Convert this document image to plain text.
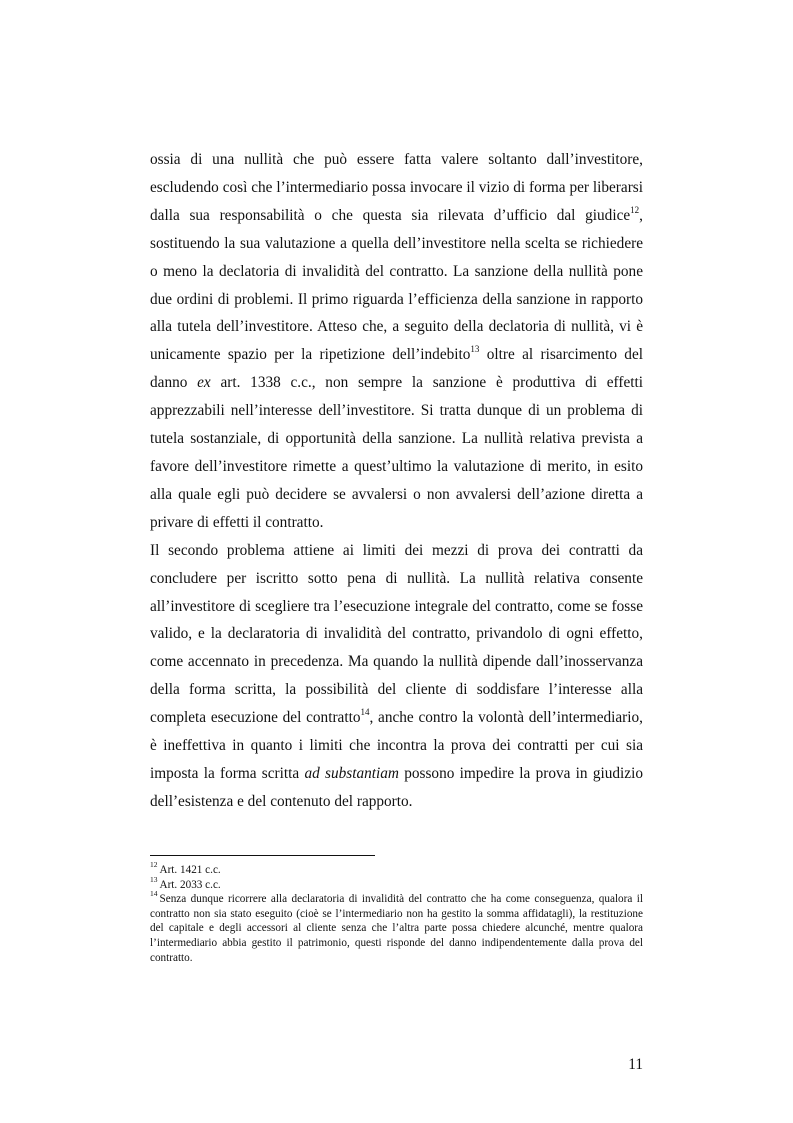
ossia di una nullità che può essere fatta valere soltanto dall’investitore, escludendo così che l’intermediario possa invocare il vizio di forma per liberarsi dalla sua responsabilità o che questa sia rilevata d’ufficio dal giudice$^{12}$, sostituendo la sua valutazione a quella dell’investitore nella scelta se richiedere o meno la declatoria di invalidità del contratto. La sanzione della nullità pone due ordini di problemi. Il primo riguarda l’efficienza della sanzione in rapporto alla tutela dell’investitore. Atteso che, a seguito della declatoria di nullità, vi è unicamente spazio per la ripetizione dell’indebito$^{13}$ oltre al risarcimento del danno ex art. 1338 c.c., non sempre la sanzione è produttiva di effetti apprezzabili nell’interesse dell’investitore. Si tratta dunque di un problema di tutela sostanziale, di opportunità della sanzione. La nullità relativa prevista a favore dell’investitore rimette a quest’ultimo la valutazione di merito, in esito alla quale egli può decidere se avvalersi o non avvalersi dell’azione diretta a privare di effetti il contratto.

Il secondo problema attiene ai limiti dei mezzi di prova dei contratti da concludere per iscritto sotto pena di nullità. La nullità relativa consente all’investitore di scegliere tra l’esecuzione integrale del contratto, come se fosse valido, e la declaratoria di invalidità del contratto, privandolo di ogni effetto, come accennato in precedenza. Ma quando la nullità dipende dall’inosservanza della forma scritta, la possibilità del cliente di soddisfare l’interesse alla completa esecuzione del contratto$^{14}$, anche contro la volontà dell’intermediario, è ineffettiva in quanto i limiti che incontra la prova dei contratti per cui sia imposta la forma scritta ad substantiam possono impedire la prova in giudizio dell’esistenza e del contenuto del rapporto.

$^{12}$ Art. 1421 c.c.

$^{13}$ Art. 2033 c.c.

$^{14}$ Senza dunque ricorrere alla declaratoria di invalidità del contratto che ha come conseguenza, qualora il contratto non sia stato eseguito (cioè se l’intermediario non ha gestito la somma affidatagli), la restituzione del capitale e degli accessori al cliente senza che l’altra parte possa chiedere alcunché, mentre qualora l’intermediario abbia gestito il patrimonio, questi risponde del danno indipendentemente dalla prova del contratto.

11
